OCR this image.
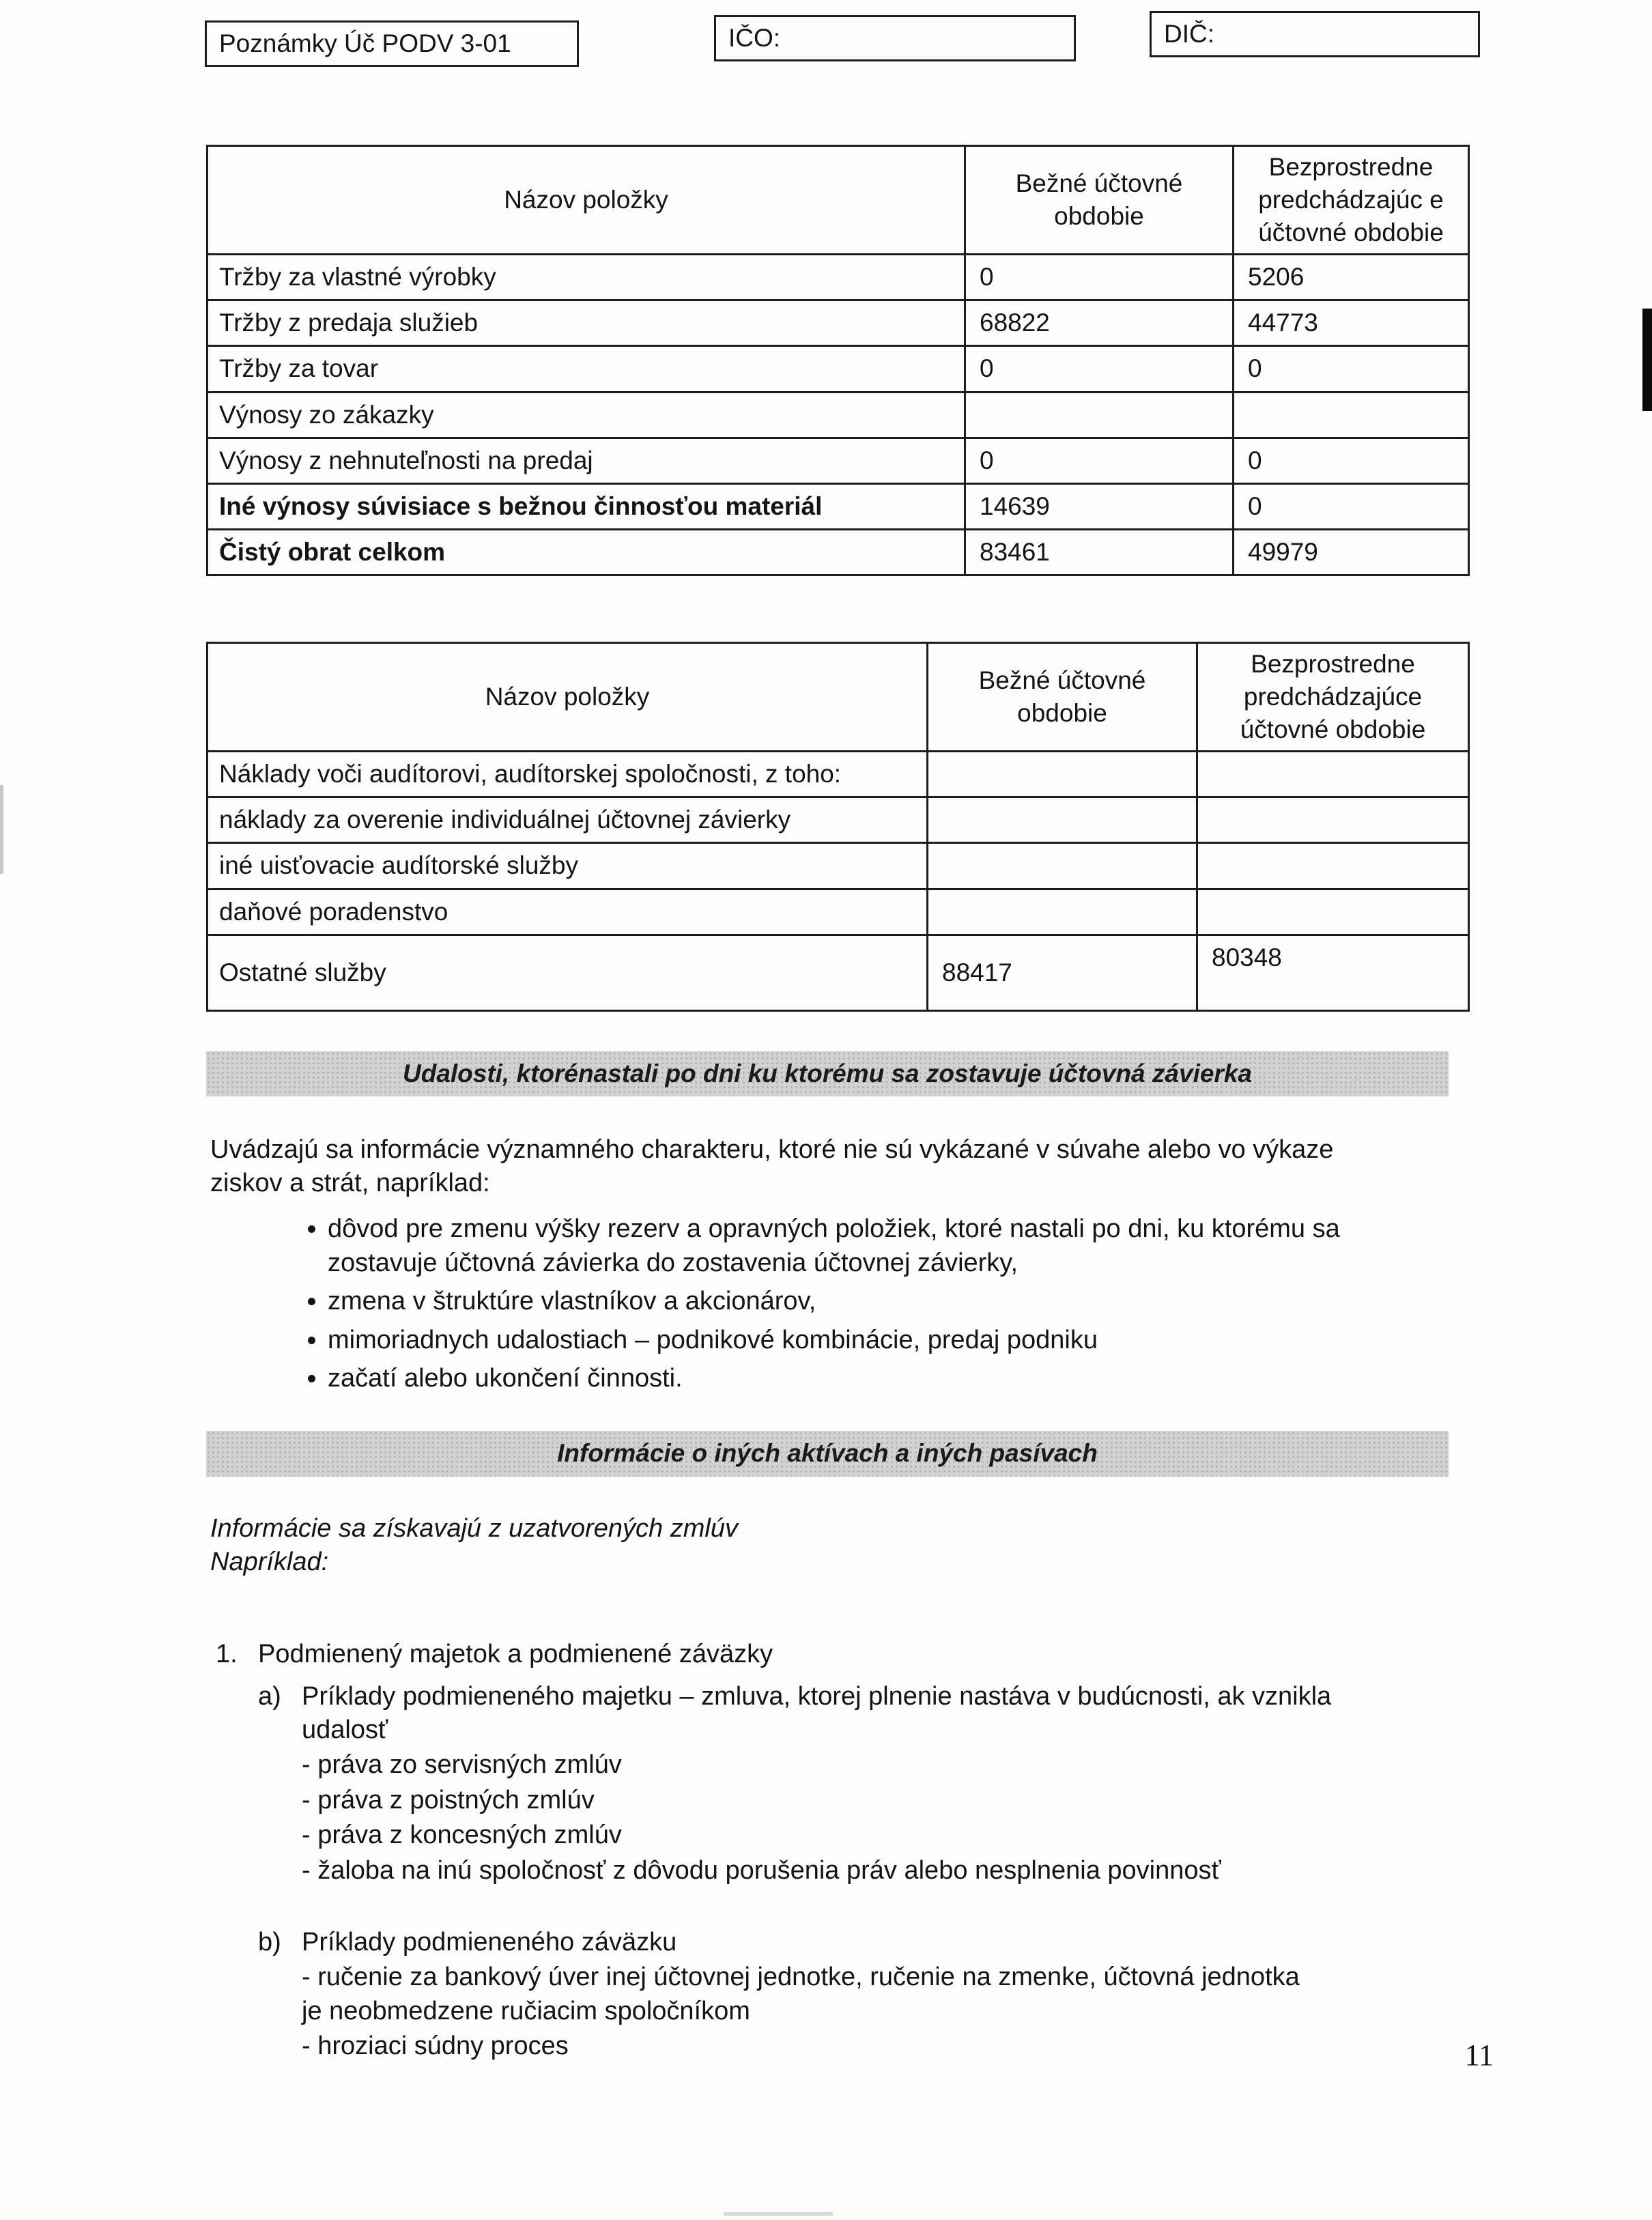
Poznámky Úč PODV 3-01	IČO:	DIČ:
Názov položky	Bežné účtovné obdobie	Bezprostredne predchádzajúc e účtovné obdobie
Tržby za vlastné výrobky	0	5206
Tržby z predaja služieb	68822	44773
Tržby za tovar	0	0
Výnosy zo zákazky		
Výnosy z nehnuteľnosti na predaj	0	0
Iné výnosy súvisiace s bežnou činnosťou materiál	14639	0
Čistý obrat celkom	83461	49979
Názov položky	Bežné účtovné obdobie	Bezprostredne predchádzajúce účtovné obdobie
Náklady voči audítorovi, audítorskej spoločnosti, z toho:		
náklady za overenie individuálnej účtovnej závierky		
iné uisťovacie audítorské služby		
daňové poradenstvo		
Ostatné služby	88417	80348
Udalosti, ktorénastali po dni ku ktorému sa zostavuje účtovná závierka

Uvádzajú sa informácie významného charakteru, ktoré nie sú vykázané v súvahe alebo vo výkaze ziskov a strát, napríklad:

• dôvod pre zmenu výšky rezerv a opravných položiek, ktoré nastali po dni, ku ktorému sa zostavuje účtovná závierka do zostavenia účtovnej závierky,
• zmena v štruktúre vlastníkov a akcionárov,
• mimoriadnych udalostiach – podnikové kombinácie, predaj podniku
• začatí alebo ukončení činnosti.
Informácie o iných aktívach a iných pasívach
Informácie sa získavajú z uzatvorených zmlúv
Napríklad:
1. Podmienený majetok a podmienené záväzky
a) Príklady podmieneného majetku – zmluva, ktorej plnenie nastáva v budúcnosti, ak vznikla udalosť
- práva zo servisných zmlúv
- práva z poistných zmlúv
- práva z koncesných zmlúv
- žaloba na inú spoločnosť z dôvodu porušenia práv alebo nesplnenia povinnosť
b) Príklady podmieneného záväzku
- ručenie za bankový úver inej účtovnej jednotke, ručenie na zmenke, účtovná jednotka je neobmedzene ručiacim spoločníkom
- hroziaci súdny proces	11
